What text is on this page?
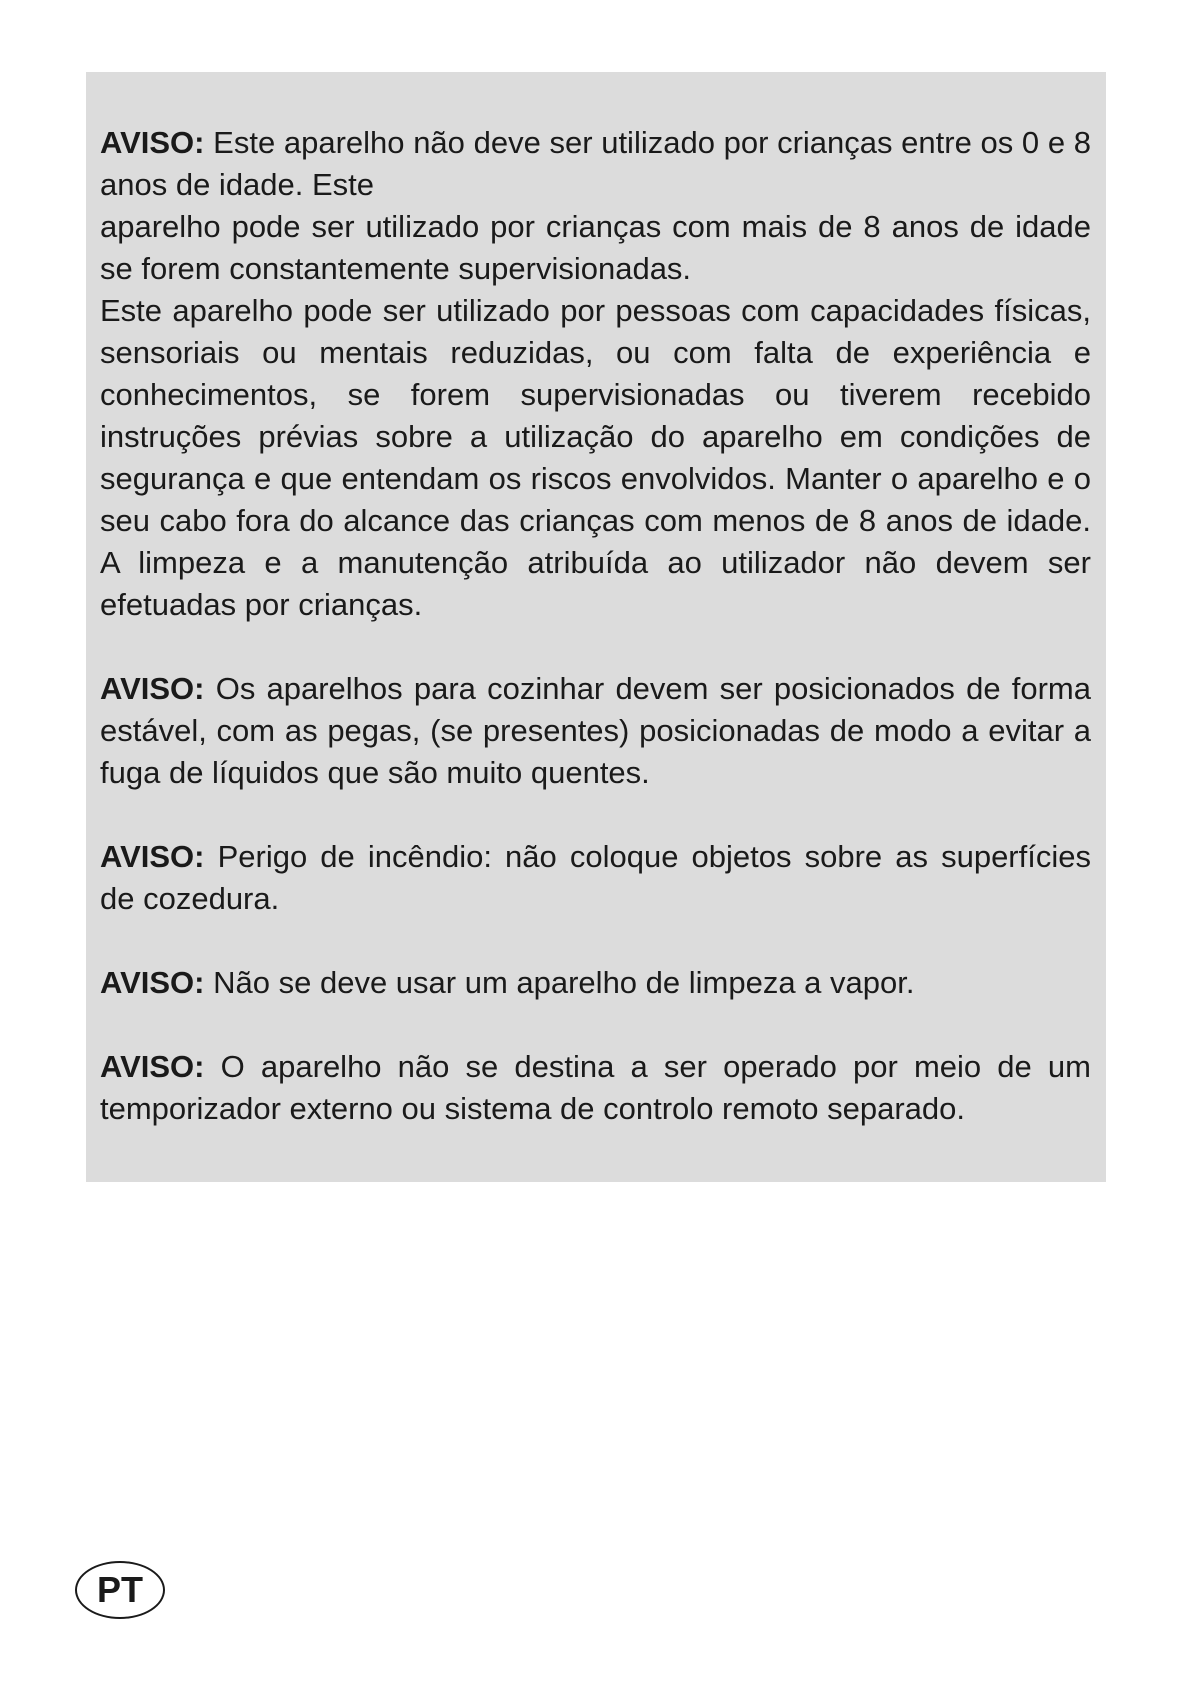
AVISO: Este aparelho não deve ser utilizado por crianças entre os 0 e 8 anos de idade. Este
aparelho pode ser utilizado por crianças com mais de 8 anos de idade se forem constantemente supervisionadas.
Este aparelho pode ser utilizado por pessoas com capacidades físicas, sensoriais ou mentais reduzidas, ou com falta de experiência e conhecimentos, se forem supervisionadas ou tiverem recebido instruções prévias sobre a utilização do aparelho em condições de segurança e que entendam os riscos envolvidos. Manter o aparelho e o seu cabo fora do alcance das crianças com menos de 8 anos de idade. A limpeza e a manutenção atribuída ao utilizador não devem ser efetuadas por crianças.

AVISO: Os aparelhos para cozinhar devem ser posicionados de forma estável, com as pegas, (se presentes) posicionadas de modo a evitar a fuga de líquidos que são muito quentes.

AVISO: Perigo de incêndio: não coloque objetos sobre as superfícies de cozedura.

AVISO: Não se deve usar um aparelho de limpeza a vapor.

AVISO: O aparelho não se destina a ser operado por meio de um temporizador externo ou sistema de controlo remoto separado.

PT
